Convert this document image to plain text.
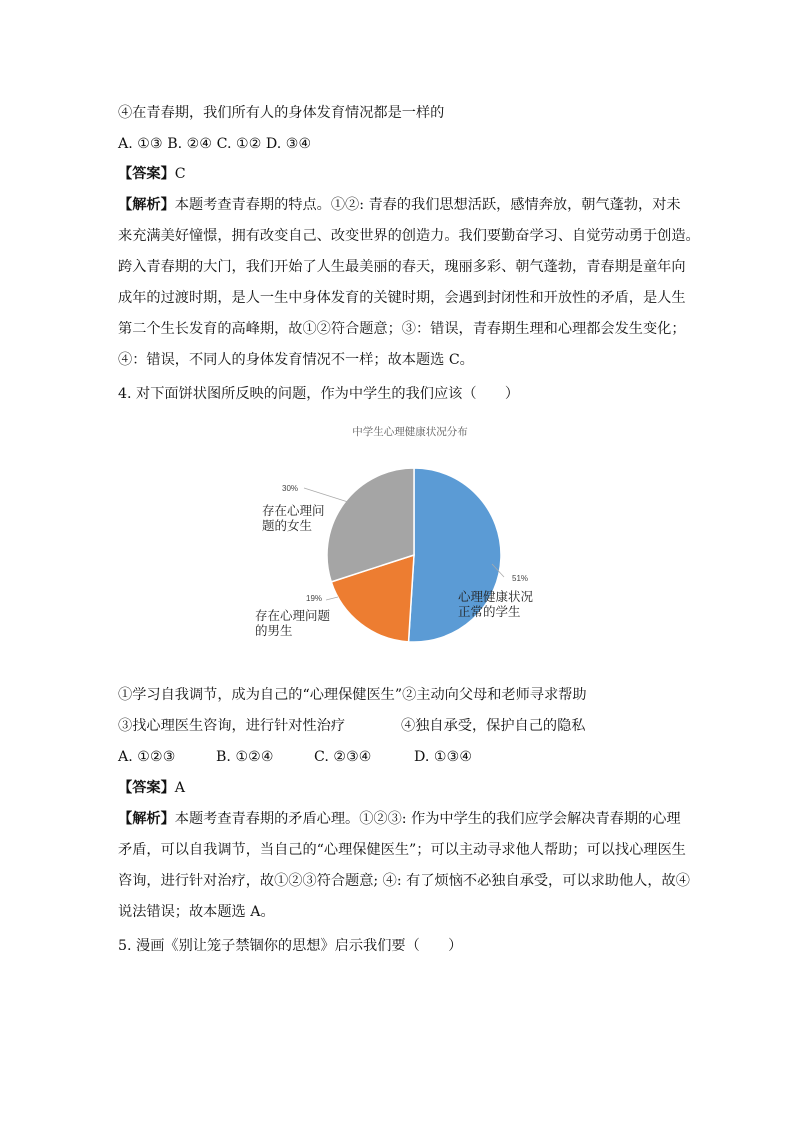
④在青春期，我们所有人的身体发育情况都是一样的
A. ①③ B. ②④ C. ①② D. ③④
【答案】C
【解析】本题考查青春期的特点。①②: 青春的我们思想活跃，感情奔放，朝气蓬勃，对未
来充满美好憧憬，拥有改变自己、改变世界的创造力。我们要勤奋学习、自觉劳动勇于创造。
跨入青春期的大门，我们开始了人生最美丽的春天，瑰丽多彩、朝气蓬勃，青春期是童年向
成年的过渡时期，是人一生中身体发育的关键时期，会遇到封闭性和开放性的矛盾，是人生
第二个生长发育的高峰期，故①②符合题意；③：错误，青春期生理和心理都会发生变化；
④：错误，不同人的身体发育情况不一样；故本题选 C。
4. 对下面饼状图所反映的问题，作为中学生的我们应该（　　）
中学生心理健康状况分布
51%
心理健康状况
正常的学生
19%
存在心理问题
的男生
30%
存在心理问
题的女生
①学习自我调节，成为自己的“心理保健医生”②主动向父母和老师寻求帮助
③找心理医生咨询，进行针对性治疗	④独自承受，保护自己的隐私
A. ①②③	B. ①②④	C. ②③④	D. ①③④
【答案】A
【解析】本题考查青春期的矛盾心理。①②③: 作为中学生的我们应学会解决青春期的心理
矛盾，可以自我调节，当自己的“心理保健医生”；可以主动寻求他人帮助；可以找心理医生
咨询，进行针对治疗，故①②③符合题意; ④: 有了烦恼不必独自承受，可以求助他人，故④
说法错误；故本题选 A。
5. 漫画《别让笼子禁锢你的思想》启示我们要（　　）
